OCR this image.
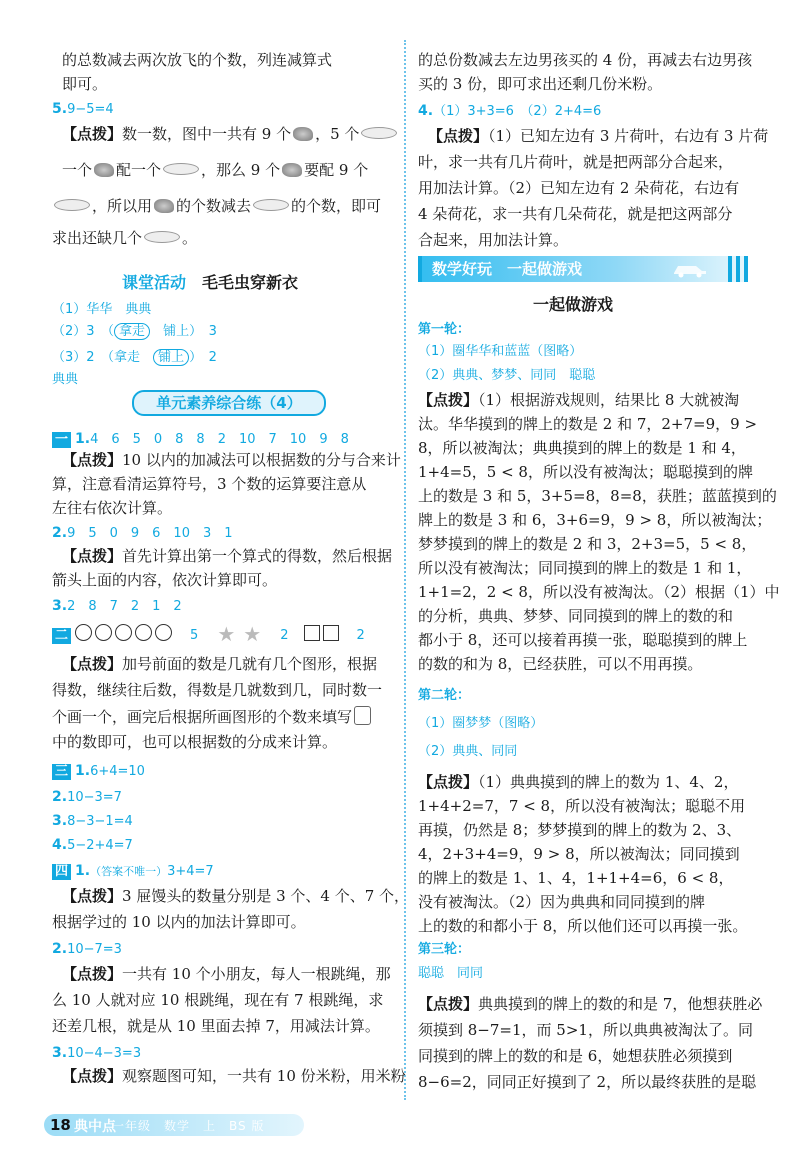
的总数减去两次放飞的个数，列连减算式
即可。
5.9−5=4
【点拨】数一数，图中一共有 9 个 ，5 个
一个 配一个	，那么 9 个 要配 9 个
，所以用 的个数减去	的个数，即可
求出还缺几个	。
课堂活动　 毛毛虫穿新衣
（1）华华　典典
（2）3　（ 拿走　铺上）　3
（3）2　（拿走　 铺上 ）　2
典典
单元素养综合练（4）
一 1.4　6　5　0　8　8　2　10　7　10　9　8
【点拨】10 以内的加减法可以根据数的分与合来计
算，注意看清运算符号，3 个数的运算要注意从
左往右依次计算。
2.9　5　0　9　6　10　3　1
【点拨】首先计算出第一个算式的得数，然后根据
箭头上面的内容，依次计算即可。
3.2　8　7　2　1　2
二　	5　 ★ ★　 2　　	2
【点拨】加号前面的数是几就有几个图形，根据
得数，继续往后数，得数是几就数到几，同时数一
个画一个，画完后根据所画图形的个数来填写
中的数即可，也可以根据数的分成来计算。
三 1.6+4=10
2.10−3=7
3.8−3−1=4
4.5−2+4=7
四 1.（答案不唯一）3+4=7
【点拨】3 屉馒头的数量分别是 3 个、4 个、7 个，
根据学过的 10 以内的加法计算即可。
2.10−7=3
【点拨】一共有 10 个小朋友，每人一根跳绳，那
么 10 人就对应 10 根跳绳，现在有 7 根跳绳，求
还差几根，就是从 10 里面去掉 7，用减法计算。
3.10−4−3=3
【点拨】观察题图可知，一共有 10 份米粉，用米粉
的总份数减去左边男孩买的 4 份，再减去右边男孩
买的 3 份，即可求出还剩几份米粉。
4.（1）3+3=6　（2）2+4=6
【点拨】（1）已知左边有 3 片荷叶，右边有 3 片荷
叶，求一共有几片荷叶，就是把两部分合起来，
用加法计算。（2）已知左边有 2 朵荷花，右边有
4 朵荷花，求一共有几朵荷花，就是把这两部分
合起来，用加法计算。
数学好玩　一起做游戏
一起做游戏
第一轮：
（1）圈华华和蓝蓝（图略）
（2）典典、梦梦、同同　聪聪
【点拨】（1）根据游戏规则，结果比 8 大就被淘
汰。华华摸到的牌上的数是 2 和 7，2+7=9，9 >
8，所以被淘汰；典典摸到的牌上的数是 1 和 4，
1+4=5，5 < 8，所以没有被淘汰；聪聪摸到的牌
上的数是 3 和 5，3+5=8，8=8，获胜；蓝蓝摸到的
牌上的数是 3 和 6，3+6=9，9 > 8，所以被淘汰；
梦梦摸到的牌上的数是 2 和 3，2+3=5，5 < 8，
所以没有被淘汰；同同摸到的牌上的数是 1 和 1，
1+1=2，2 < 8，所以没有被淘汰。（2）根据（1）中
的分析，典典、梦梦、同同摸到的牌上的数的和
都小于 8，还可以接着再摸一张，聪聪摸到的牌上
的数的和为 8，已经获胜，可以不用再摸。
第二轮：
（1）圈梦梦（图略）
（2）典典、同同
【点拨】（1）典典摸到的牌上的数为 1、4、2，
1+4+2=7，7 < 8，所以没有被淘汰；聪聪不用
再摸，仍然是 8；梦梦摸到的牌上的数为 2、3、
4，2+3+4=9，9 > 8，所以被淘汰；同同摸到
的牌上的数是 1、1、4，1+1+4=6，6 < 8，
没有被淘汰。（2）因为典典和同同摸到的牌
上的数的和都小于 8，所以他们还可以再摸一张。
第三轮：
聪聪　同同
【点拨】典典摸到的牌上的数的和是 7，他想获胜必
须摸到 8−7=1，而 5>1，所以典典被淘汰了。同
同摸到的牌上的数的和是 6，她想获胜必须摸到
8−6=2，同同正好摸到了 2，所以最终获胜的是聪
18 典中点
一年级　数学　上　BS 版
